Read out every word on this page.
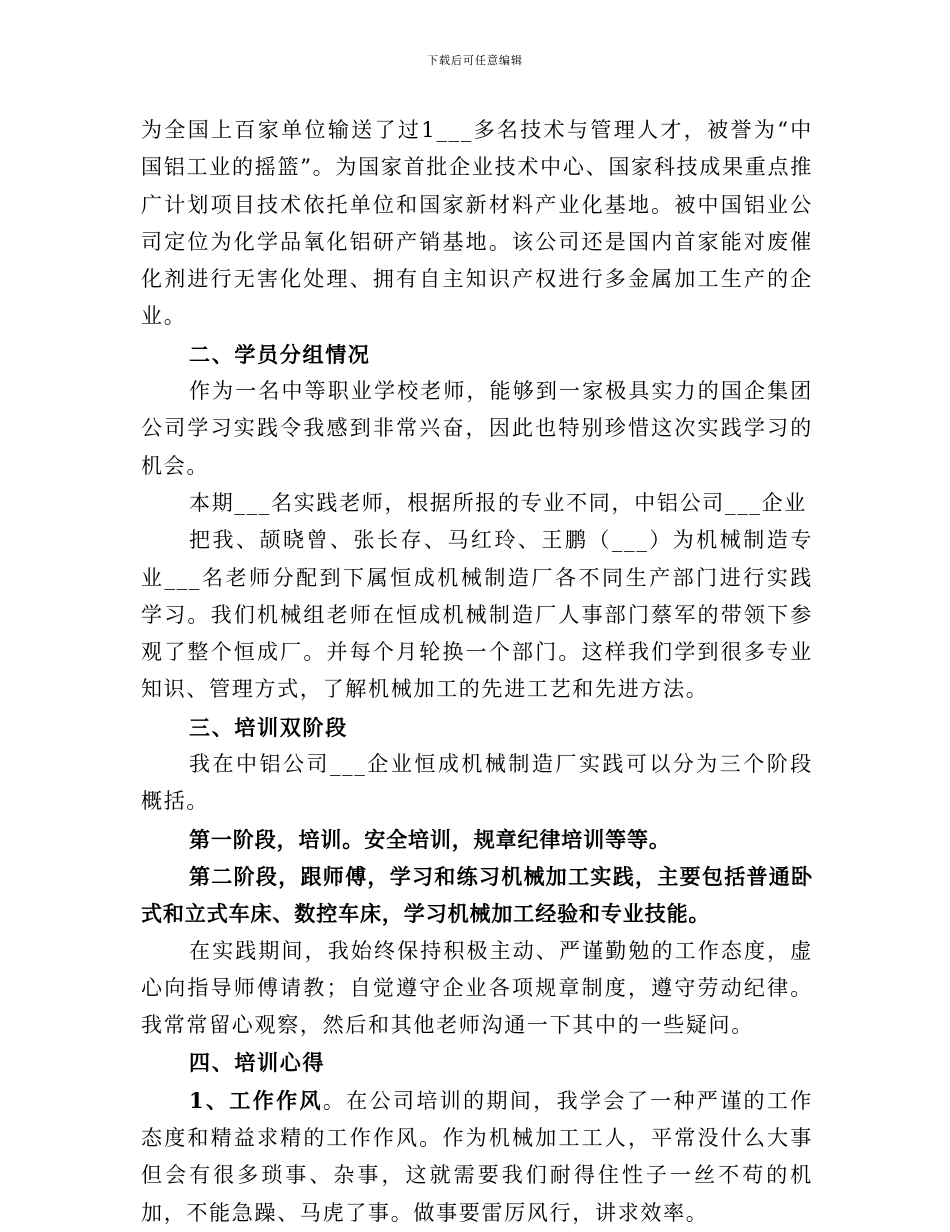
下载后可任意编辑

为全国上百家单位输送了过1___多名技术与管理人才，被誉为“中国铝工业的摇篮”。为国家首批企业技术中心、国家科技成果重点推广计划项目技术依托单位和国家新材料产业化基地。被中国铝业公司定位为化学品氧化铝研产销基地。该公司还是国内首家能对废催化剂进行无害化处理、拥有自主知识产权进行多金属加工生产的企业。

二、学员分组情况

作为一名中等职业学校老师，能够到一家极具实力的国企集团公司学习实践令我感到非常兴奋，因此也特别珍惜这次实践学习的机会。

本期___名实践老师，根据所报的专业不同，中铝公司___企业

把我、颉晓曾、张长存、马红玲、王鹏（___）为机械制造专业___名老师分配到下属恒成机械制造厂各不同生产部门进行实践学习。我们机械组老师在恒成机械制造厂人事部门蔡军的带领下参观了整个恒成厂。并每个月轮换一个部门。这样我们学到很多专业知识、管理方式，了解机械加工的先进工艺和先进方法。

三、培训双阶段

我在中铝公司___企业恒成机械制造厂实践可以分为三个阶段概括。

第一阶段，培训。安全培训，规章纪律培训等等。

第二阶段，跟师傅，学习和练习机械加工实践，主要包括普通卧式和立式车床、数控车床，学习机械加工经验和专业技能。

在实践期间，我始终保持积极主动、严谨勤勉的工作态度，虚心向指导师傅请教；自觉遵守企业各项规章制度，遵守劳动纪律。我常常留心观察，然后和其他老师沟通一下其中的一些疑问。

四、培训心得

1、工作作风。在公司培训的期间，我学会了一种严谨的工作态度和精益求精的工作作风。作为机械加工工人，平常没什么大事但会有很多琐事、杂事，这就需要我们耐得住性子一丝不苟的机加，不能急躁、马虎了事。做事要雷厉风行，讲求效率。
